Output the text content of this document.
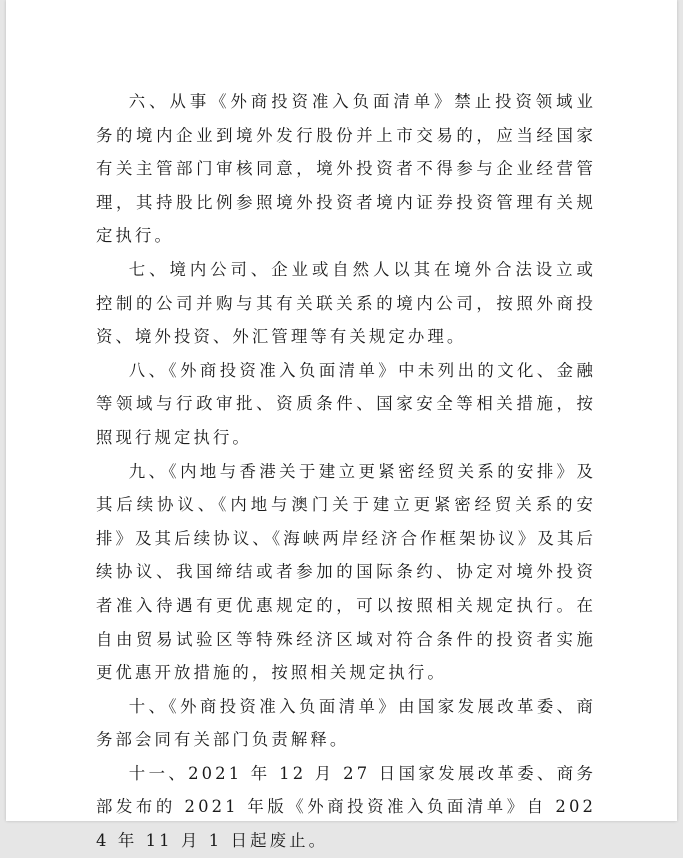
六、从事《外商投资准入负面清单》禁止投资领域业务的境内企业到境外发行股份并上市交易的，应当经国家有关主管部门审核同意，境外投资者不得参与企业经营管理，其持股比例参照境外投资者境内证券投资管理有关规定执行。

七、境内公司、企业或自然人以其在境外合法设立或控制的公司并购与其有关联关系的境内公司，按照外商投资、境外投资、外汇管理等有关规定办理。

八、《外商投资准入负面清单》中未列出的文化、金融等领域与行政审批、资质条件、国家安全等相关措施，按照现行规定执行。

九、《内地与香港关于建立更紧密经贸关系的安排》及其后续协议、《内地与澳门关于建立更紧密经贸关系的安排》及其后续协议、《海峡两岸经济合作框架协议》及其后续协议、我国缔结或者参加的国际条约、协定对境外投资者准入待遇有更优惠规定的，可以按照相关规定执行。在自由贸易试验区等特殊经济区域对符合条件的投资者实施更优惠开放措施的，按照相关规定执行。

十、《外商投资准入负面清单》由国家发展改革委、商务部会同有关部门负责解释。

十一、2021 年 12 月 27 日国家发展改革委、商务部发布的 2021 年版《外商投资准入负面清单》自 2024 年 11 月 1 日起废止。
